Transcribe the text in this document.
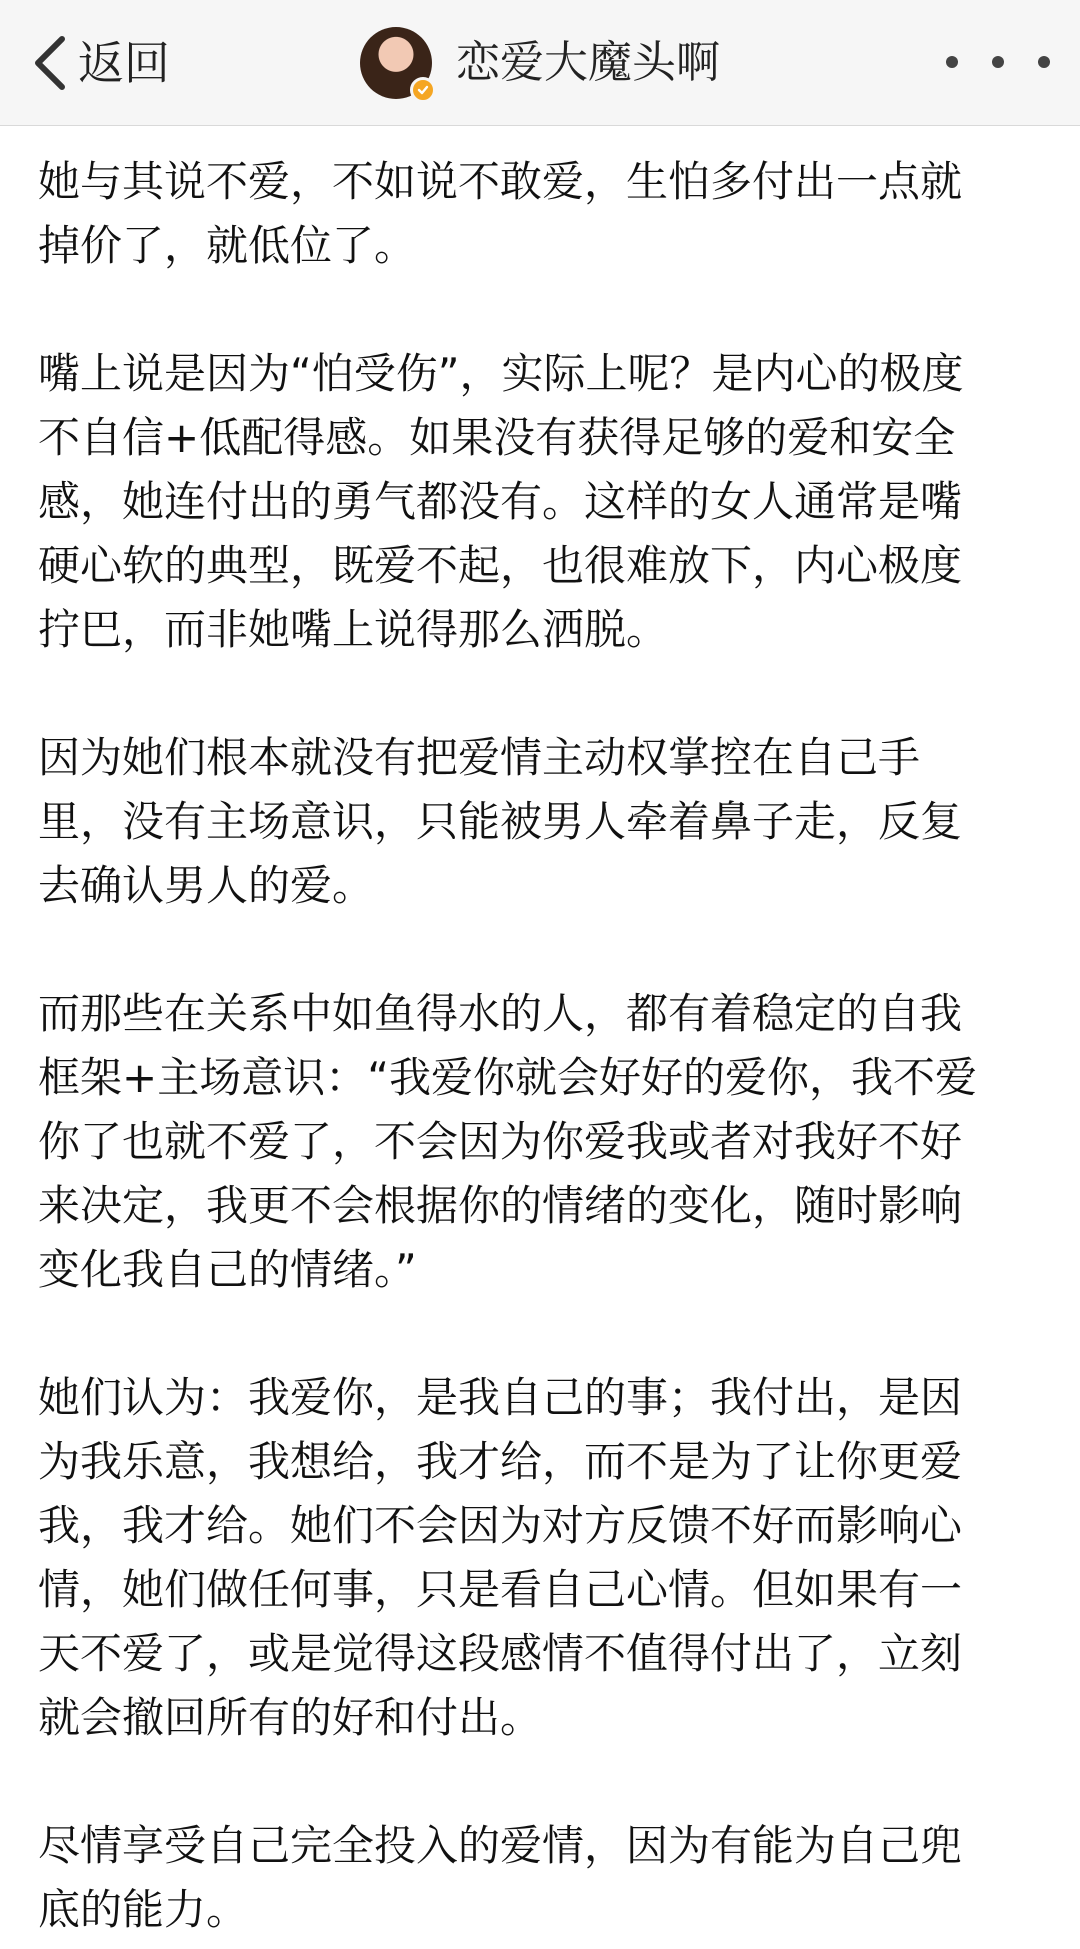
返回	恋爱大魔头啊

她与其说不爱，不如说不敢爱，生怕多付出一点就
掉价了，就低位了。

嘴上说是因为“怕受伤”，实际上呢？是内心的极度
不自信+低配得感。如果没有获得足够的爱和安全
感，她连付出的勇气都没有。这样的女人通常是嘴
硬心软的典型，既爱不起，也很难放下，内心极度
拧巴，而非她嘴上说得那么洒脱。

因为她们根本就没有把爱情主动权掌控在自己手
里，没有主场意识，只能被男人牵着鼻子走，反复
去确认男人的爱。

而那些在关系中如鱼得水的人，都有着稳定的自我
框架+主场意识：“我爱你就会好好的爱你，我不爱
你了也就不爱了，不会因为你爱我或者对我好不好
来决定，我更不会根据你的情绪的变化，随时影响
变化我自己的情绪。”

她们认为：我爱你，是我自己的事；我付出，是因
为我乐意，我想给，我才给，而不是为了让你更爱
我，我才给。她们不会因为对方反馈不好而影响心
情，她们做任何事，只是看自己心情。但如果有一
天不爱了，或是觉得这段感情不值得付出了，立刻
就会撤回所有的好和付出。

尽情享受自己完全投入的爱情，因为有能为自己兜
底的能力。
